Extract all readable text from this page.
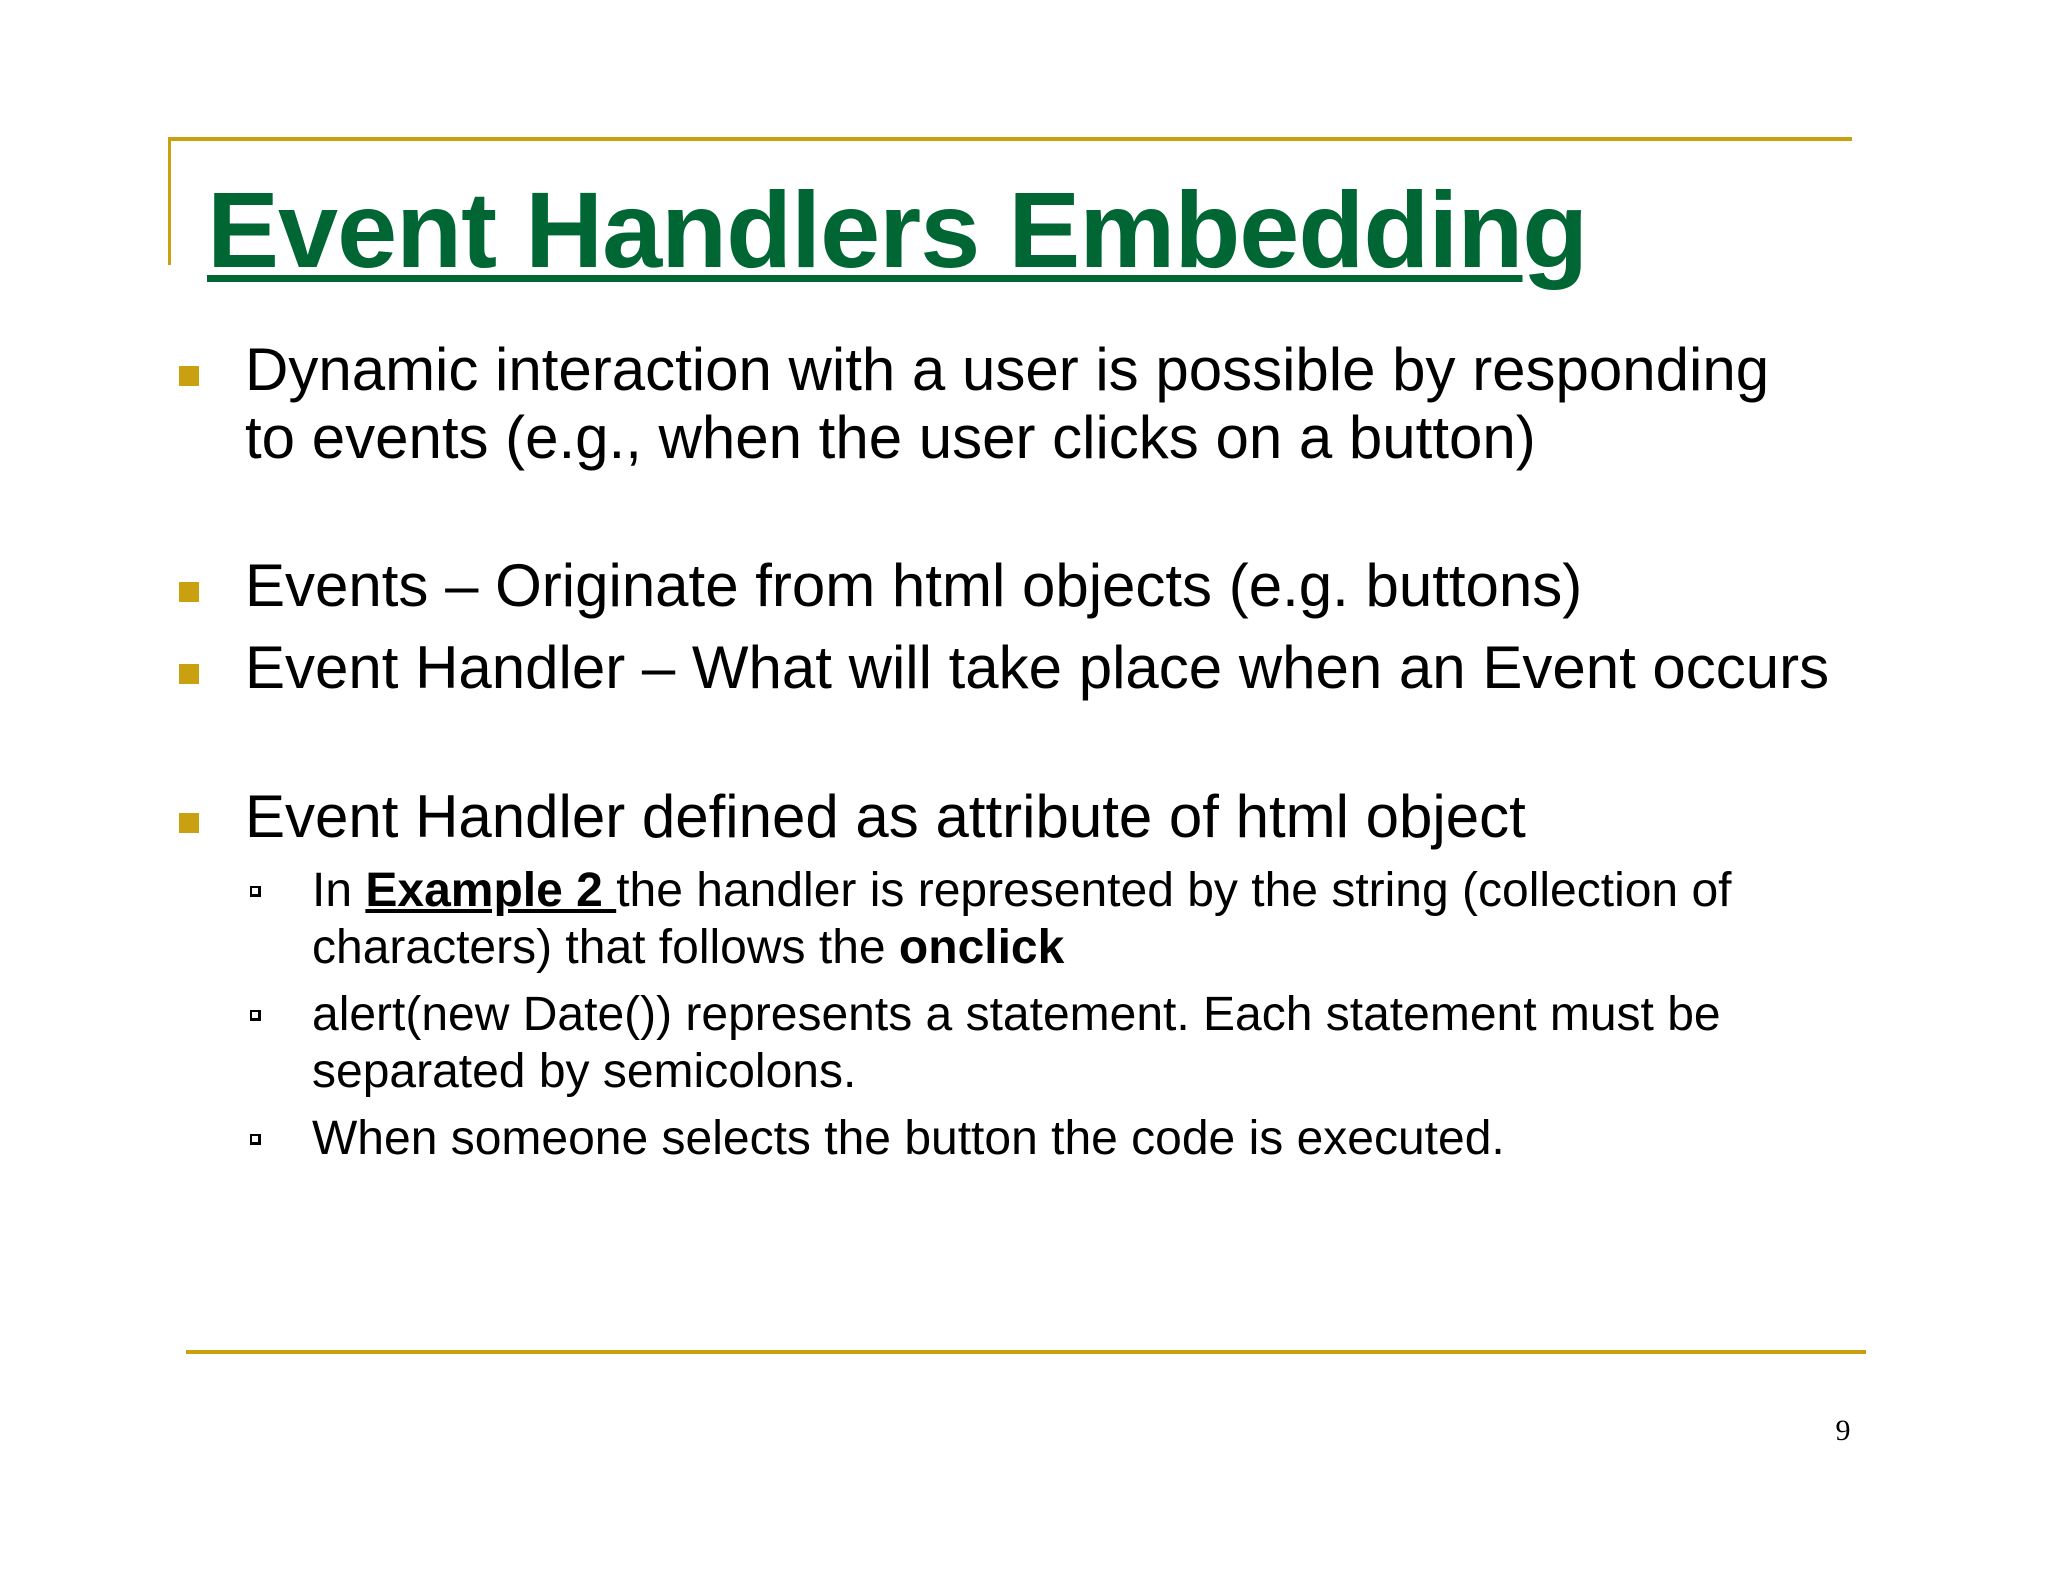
Event Handlers Embedding
Dynamic interaction with a user is possible by responding to events (e.g., when the user clicks on a button)
Events – Originate from html objects (e.g. buttons)
Event Handler – What will take place when an Event occurs
Event Handler defined as attribute of html object
In Example 2 the handler is represented by the string (collection of characters) that follows the onclick
alert(new Date()) represents a statement. Each statement must be separated by semicolons.
When someone selects the button the code is executed.
9
